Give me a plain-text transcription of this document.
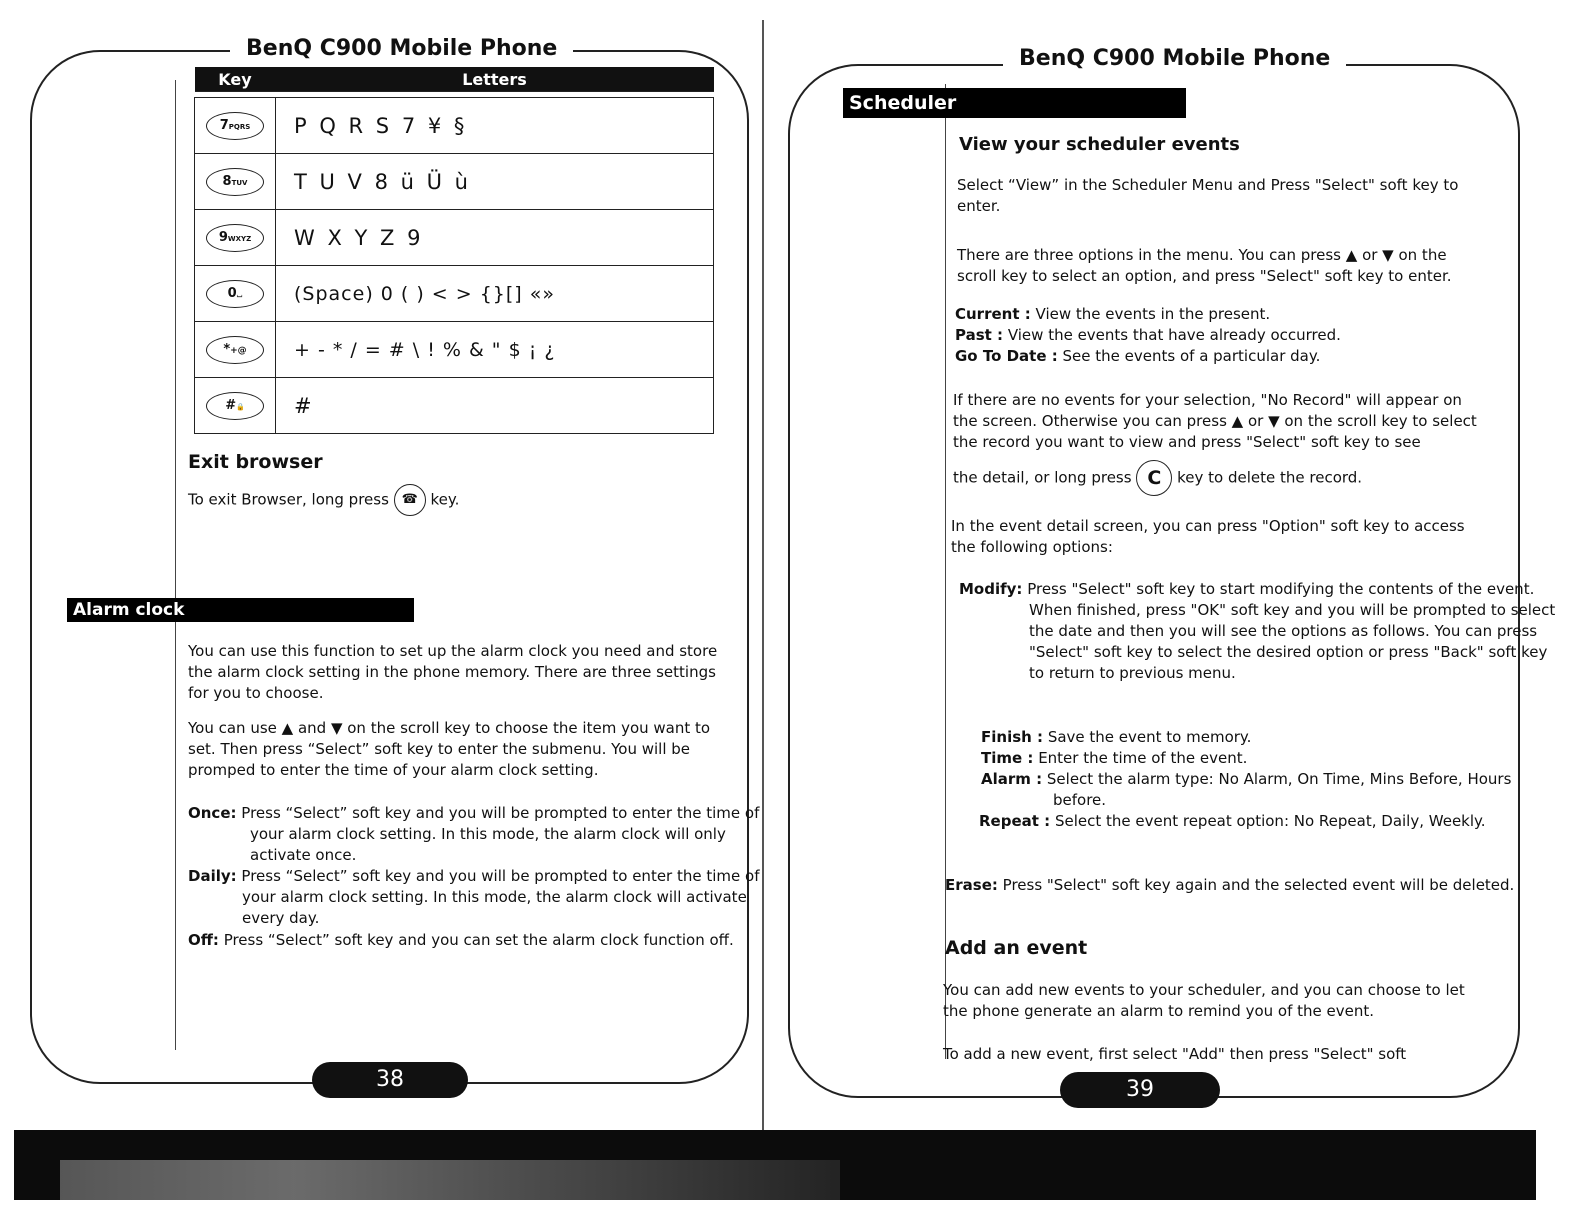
BenQ C900 Mobile Phone	BenQ C900 Mobile Phone
Key	Letters

7PQRS	P Q R S 7 ¥ §
8TUV	T U V 8 ü Ü ù
9WXYZ	W X Y Z 9
0⌴	(Space) 0 ( ) < > {}[] «»
*+@	+ - * / = # \ ! % & " $ ¡ ¿
#🔒	#
Exit browser
To exit Browser, long press ☎ key.
Alarm clock
You can use this function to set up the alarm clock you need and store the alarm clock setting in the phone memory. There are three settings for you to choose.
You can use ▲ and ▼ on the scroll key to choose the item you want to set. Then press “Select” soft key to enter the submenu. You will be promped to enter the time of your alarm clock setting.
Once: Press “Select” soft key and you will be prompted to enter the time of your alarm clock setting. In this mode, the alarm clock will only activate once.
Daily: Press “Select” soft key and you will be prompted to enter the time of your alarm clock setting. In this mode, the alarm clock will activate every day.
Off: Press “Select” soft key and you can set the alarm clock function off.
Scheduler
View your scheduler events
Select “View” in the Scheduler Menu and Press "Select" soft key to enter.
There are three options in the menu. You can press ▲ or ▼ on the scroll key to select an option, and press "Select" soft key to enter.
Current : View the events in the present.
Past : View the events that have already occurred.
Go To Date : See the events of a particular day.
If there are no events for your selection, "No Record" will appear on the screen. Otherwise you can press ▲ or ▼ on the scroll key to select the record you want to view and press "Select" soft key to see
the detail, or long press C key to delete the record.
In the event detail screen, you can press "Option" soft key to access the following options:
Modify: Press "Select" soft key to start modifying the contents of the event. When finished, press "OK" soft key and you will be prompted to select the date and then you will see the options as follows. You can press "Select" soft key to select the desired option or press "Back" soft key to return to previous menu.
Finish : Save the event to memory.
Time : Enter the time of the event.
Alarm : Select the alarm type: No Alarm, On Time, Mins Before, Hours before.
Repeat : Select the event repeat option: No Repeat, Daily, Weekly.
Erase: Press "Select" soft key again and the selected event will be deleted.
Add an event
You can add new events to your scheduler, and you can choose to let the phone generate an alarm to remind you of the event.
To add a new event, first select "Add" then press "Select" soft
38	39
